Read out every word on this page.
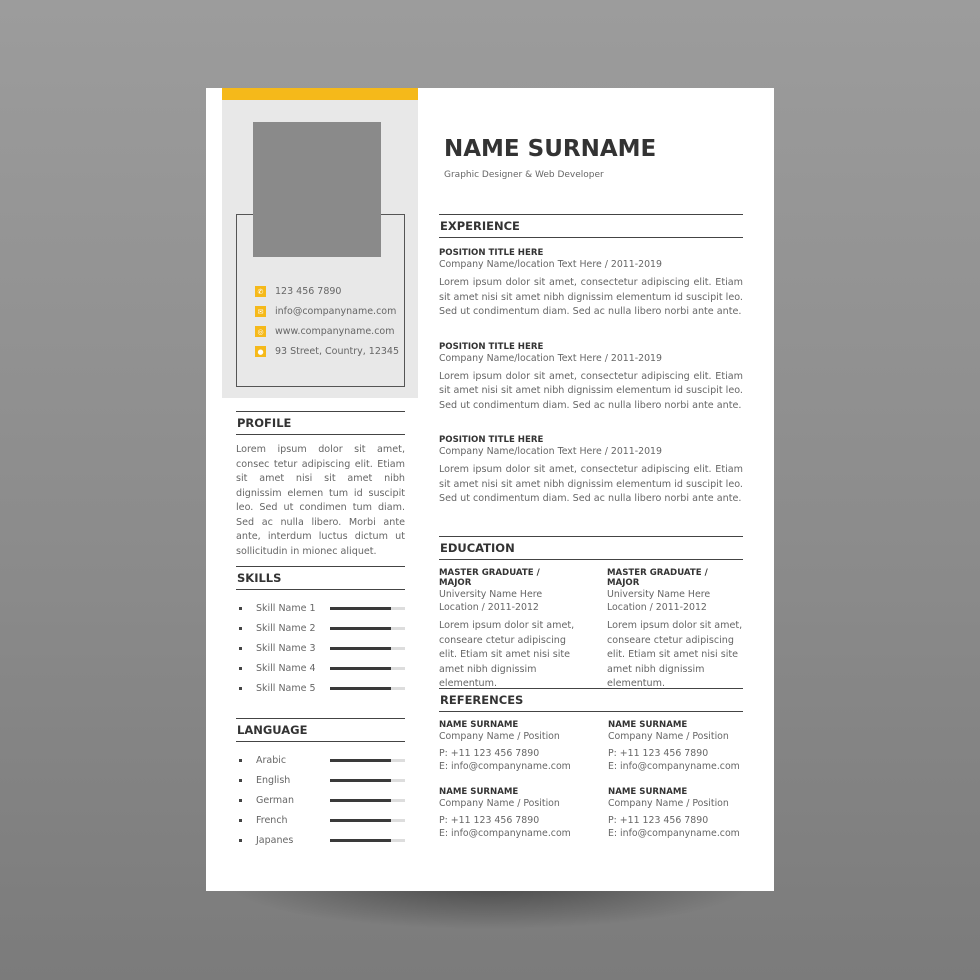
✆ 123 456 7890
✉ info@companyname.com
◎ www.companyname.com
● 93 Street, Country, 12345
PROFILE
Lorem ipsum dolor sit amet, consec tetur adipiscing elit. Etiam sit amet nisi sit amet nibh dignissim elemen tum id suscipit leo. Sed ut condimen tum diam. Sed ac nulla libero. Morbi ante ante, interdum luctus dictum ut sollicitudin in mionec aliquet.
SKILLS
Skill Name 1
Skill Name 2
Skill Name 3
Skill Name 4
Skill Name 5
LANGUAGE
Arabic
English
German
French
Japanes
NAME SURNAME
Graphic Designer & Web Developer
EXPERIENCE
POSITION TITLE HERE
Company Name/location Text Here / 2011-2019
Lorem ipsum dolor sit amet, consectetur adipiscing elit. Etiam sit amet nisi sit amet nibh dignissim elementum id suscipit leo. Sed ut condimentum diam. Sed ac nulla libero norbi ante ante.
POSITION TITLE HERE
Company Name/location Text Here / 2011-2019
Lorem ipsum dolor sit amet, consectetur adipiscing elit. Etiam sit amet nisi sit amet nibh dignissim elementum id suscipit leo. Sed ut condimentum diam. Sed ac nulla libero norbi ante ante.
POSITION TITLE HERE
Company Name/location Text Here / 2011-2019
Lorem ipsum dolor sit amet, consectetur adipiscing elit. Etiam sit amet nisi sit amet nibh dignissim elementum id suscipit leo. Sed ut condimentum diam. Sed ac nulla libero norbi ante ante.
EDUCATION
MASTER GRADUATE / MAJOR
University Name Here
Location / 2011-2012
Lorem ipsum dolor sit amet, conseare ctetur adipiscing elit. Etiam sit amet nisi site amet nibh dignissim elementum.
MASTER GRADUATE / MAJOR
University Name Here
Location / 2011-2012
Lorem ipsum dolor sit amet, conseare ctetur adipiscing elit. Etiam sit amet nisi site amet nibh dignissim elementum.
REFERENCES
NAME SURNAME
Company Name / Position
P: +11 123 456 7890
E: info@companyname.com
NAME SURNAME
Company Name / Position
P: +11 123 456 7890
E: info@companyname.com
NAME SURNAME
Company Name / Position
P: +11 123 456 7890
E: info@companyname.com
NAME SURNAME
Company Name / Position
P: +11 123 456 7890
E: info@companyname.com
